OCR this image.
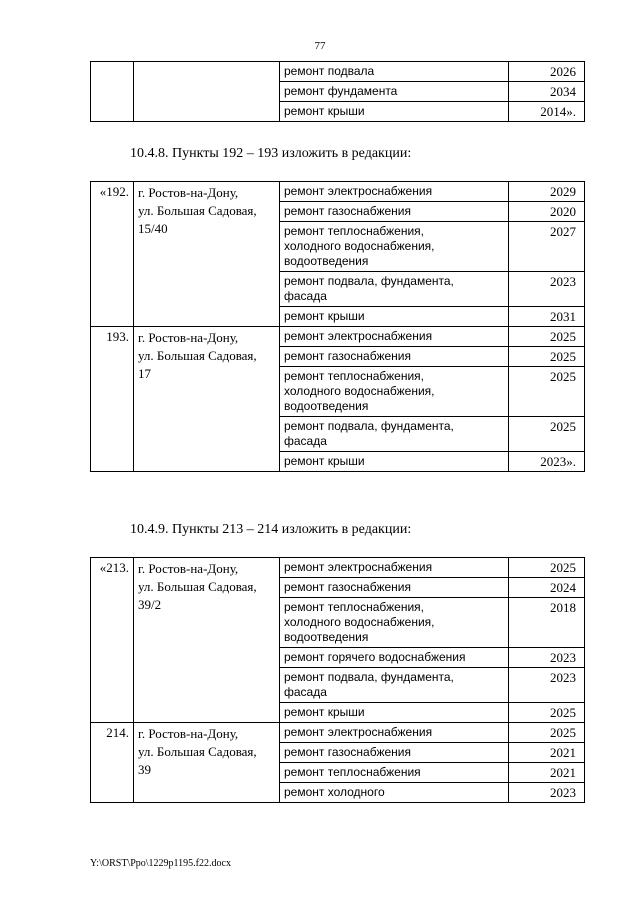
77
		ремонт подвала	2026
		ремонт фундамента	2034
		ремонт крыши	2014».
10.4.8. Пункты 192 – 193 изложить в редакции:
«192.	г. Ростов-на-Дону,
ул. Большая Садовая,
15/40	ремонт электроснабжения	2029
		ремонт газоснабжения	2020

		ремонт теплоснабжения,
холодного водоснабжения,
водоотведения	2027

		ремонт подвала, фундамента,
фасада	2023
		ремонт крыши	2031
193.	г. Ростов-на-Дону,
ул. Большая Садовая,
17	ремонт электроснабжения	2025
		ремонт газоснабжения	2025

		ремонт теплоснабжения,
холодного водоснабжения,
водоотведения	2025

		ремонт подвала, фундамента,
фасада	2025
		ремонт крыши	2023».
10.4.9. Пункты 213 – 214 изложить в редакции:
«213.	г. Ростов-на-Дону,
ул. Большая Садовая,
39/2	ремонт электроснабжения	2025
		ремонт газоснабжения	2024

		ремонт теплоснабжения,
холодного водоснабжения,
водоотведения	2018
		ремонт горячего водоснабжения	2023

		ремонт подвала, фундамента,
фасада	2023
		ремонт крыши	2025
214.	г. Ростов-на-Дону,
ул. Большая Садовая,
39	ремонт электроснабжения	2025
		ремонт газоснабжения	2021
		ремонт теплоснабжения	2021
		ремонт холодного	2023
Y:\ORST\Ppo\1229p1195.f22.docx
